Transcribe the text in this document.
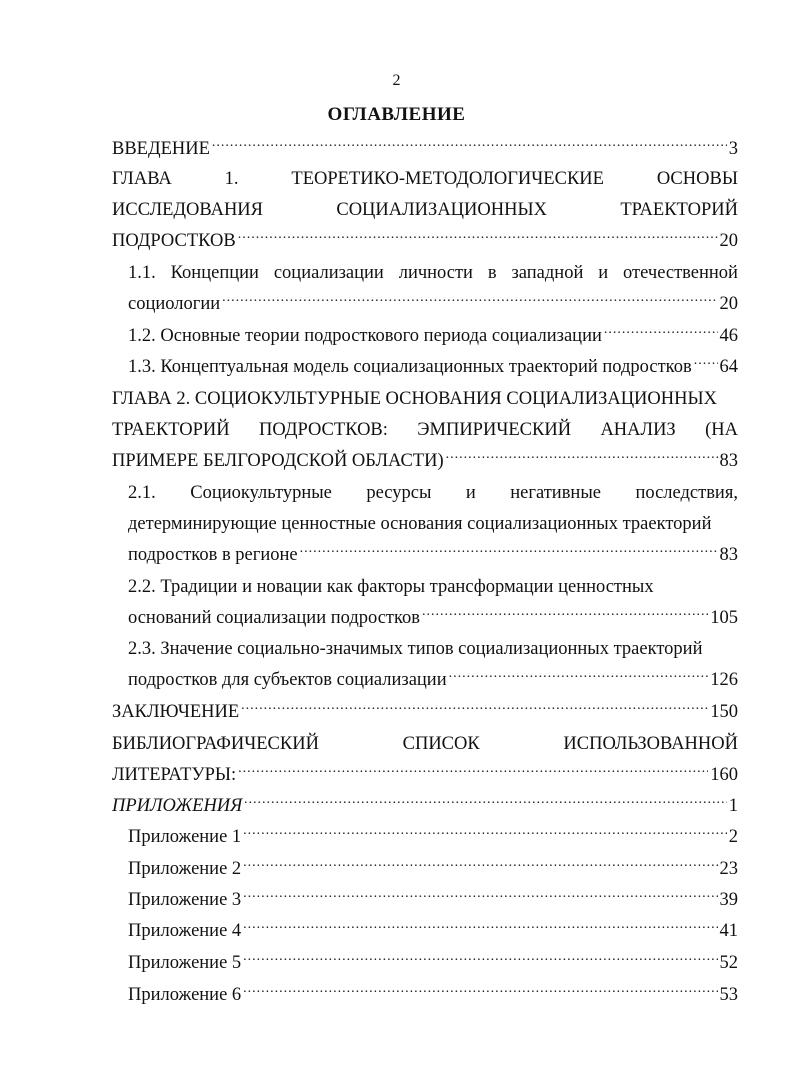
2
ОГЛАВЛЕНИЕ
ВВЕДЕНИЕ .....	3
ГЛАВА	1.	ТЕОРЕТИКО-МЕТОДОЛОГИЧЕСКИЕ	ОСНОВЫ
ИССЛЕДОВАНИЯ	СОЦИАЛИЗАЦИОННЫХ	ТРАЕКТОРИЙ
ПОДРОСТКОВ .....	20
1.1. Концепции социализации личности в западной и отечественной
социологии .....	20
1.2. Основные теории подросткового периода социализации .....	46
1.3. Концептуальная модель социализационных траекторий подростков ..... 64
ГЛАВА 2. СОЦИОКУЛЬТУРНЫЕ ОСНОВАНИЯ СОЦИАЛИЗАЦИОННЫХ
ТРАЕКТОРИЙ ПОДРОСТКОВ: ЭМПИРИЧЕСКИЙ АНАЛИЗ (НА
ПРИМЕРЕ БЕЛГОРОДСКОЙ ОБЛАСТИ) .....	83
2.1. Социокультурные ресурсы и негативные последствия,
детерминирующие ценностные основания социализационных траекторий
подростков в регионе .....	83
2.2. Традиции и новации как факторы трансформации ценностных
оснований социализации подростков .....	105
2.3. Значение социально-значимых типов социализационных траекторий
подростков для субъектов социализации .....	126
ЗАКЛЮЧЕНИЕ .....	150
БИБЛИОГРАФИЧЕСКИЙ	СПИСОК	ИСПОЛЬЗОВАННОЙ
ЛИТЕРАТУРЫ: .....	160
ПРИЛОЖЕНИЯ .....	1
Приложение 1 .....	2
Приложение 2 .....	23
Приложение 3 .....	39
Приложение 4 .....	41
Приложение 5 .....	52
Приложение 6 .....	53
